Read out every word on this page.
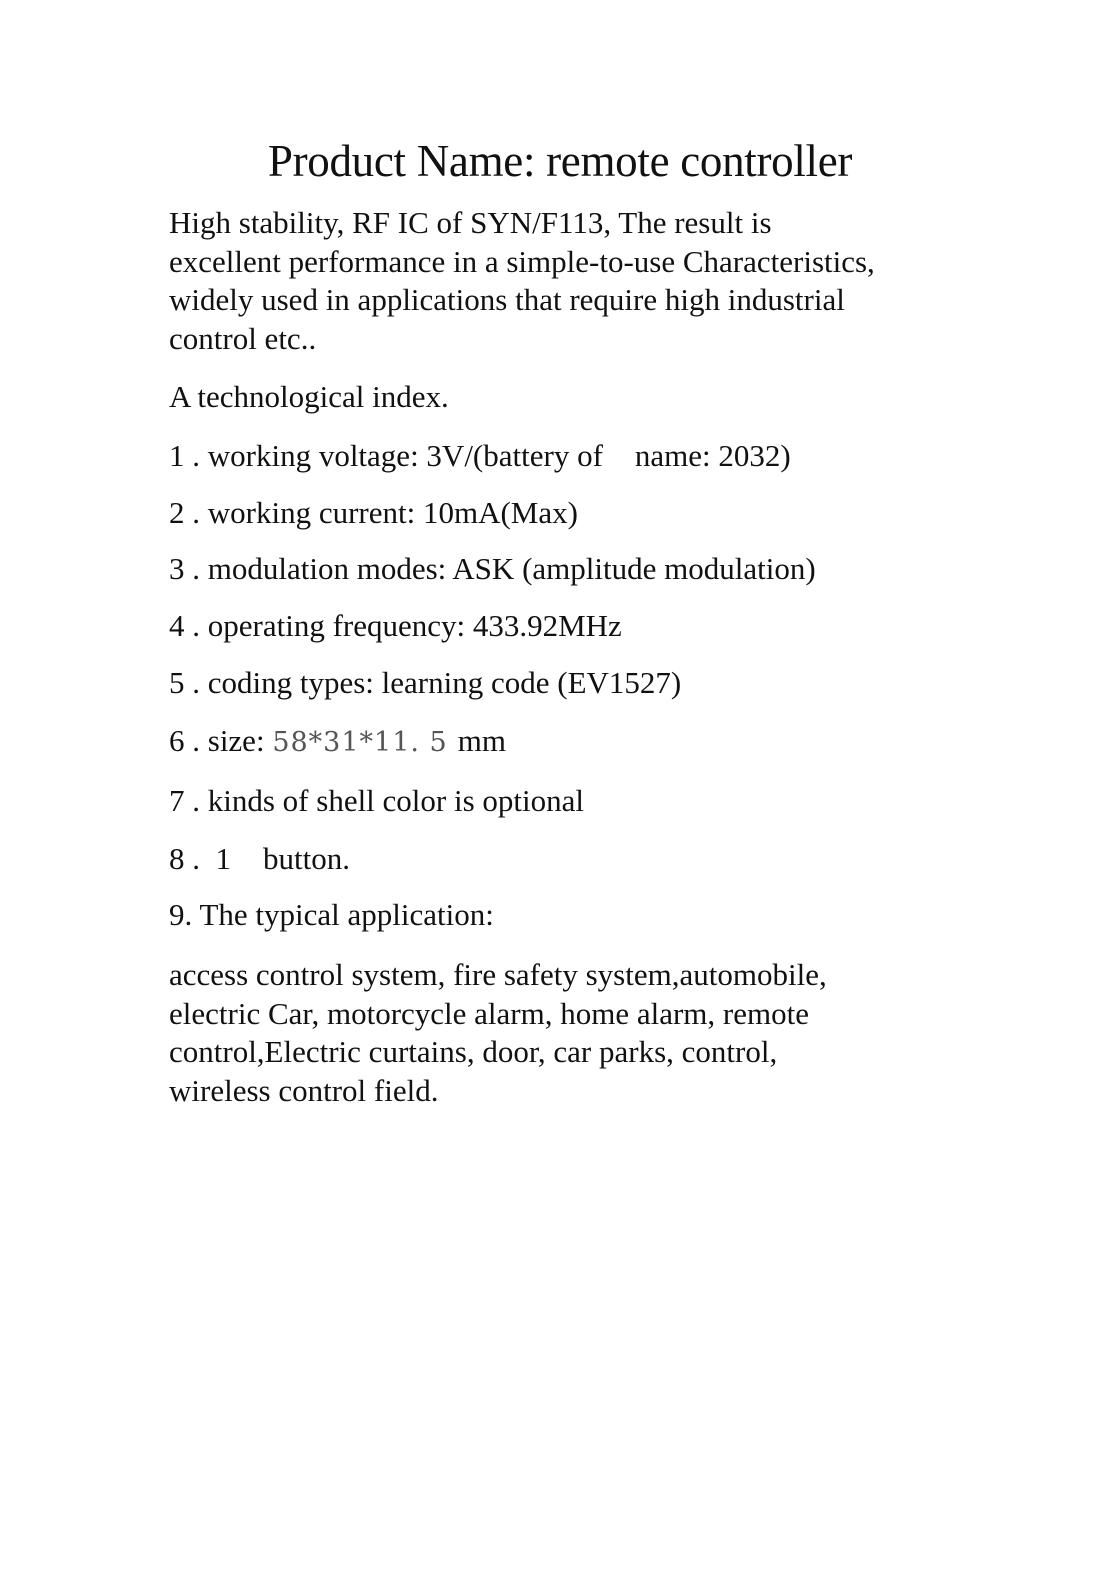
Product Name: remote controller
High stability, RF IC of SYN/F113, The result is
excellent performance in a simple-to-use Characteristics,
widely used in applications that require high industrial
control etc..
A technological index.
1 . working voltage: 3V/(battery of name: 2032)
2 . working current: 10mA(Max)
3 . modulation modes: ASK (amplitude modulation)
4 . operating frequency: 433.92MHz
5 . coding types: learning code (EV1527)
6 . size: 58*31*11. 5 mm
7 . kinds of shell color is optional
8 . 1 button.
9. The typical application:
access control system, fire safety system,automobile,
electric Car, motorcycle alarm, home alarm, remote
control,Electric curtains, door, car parks, control,
wireless control field.
